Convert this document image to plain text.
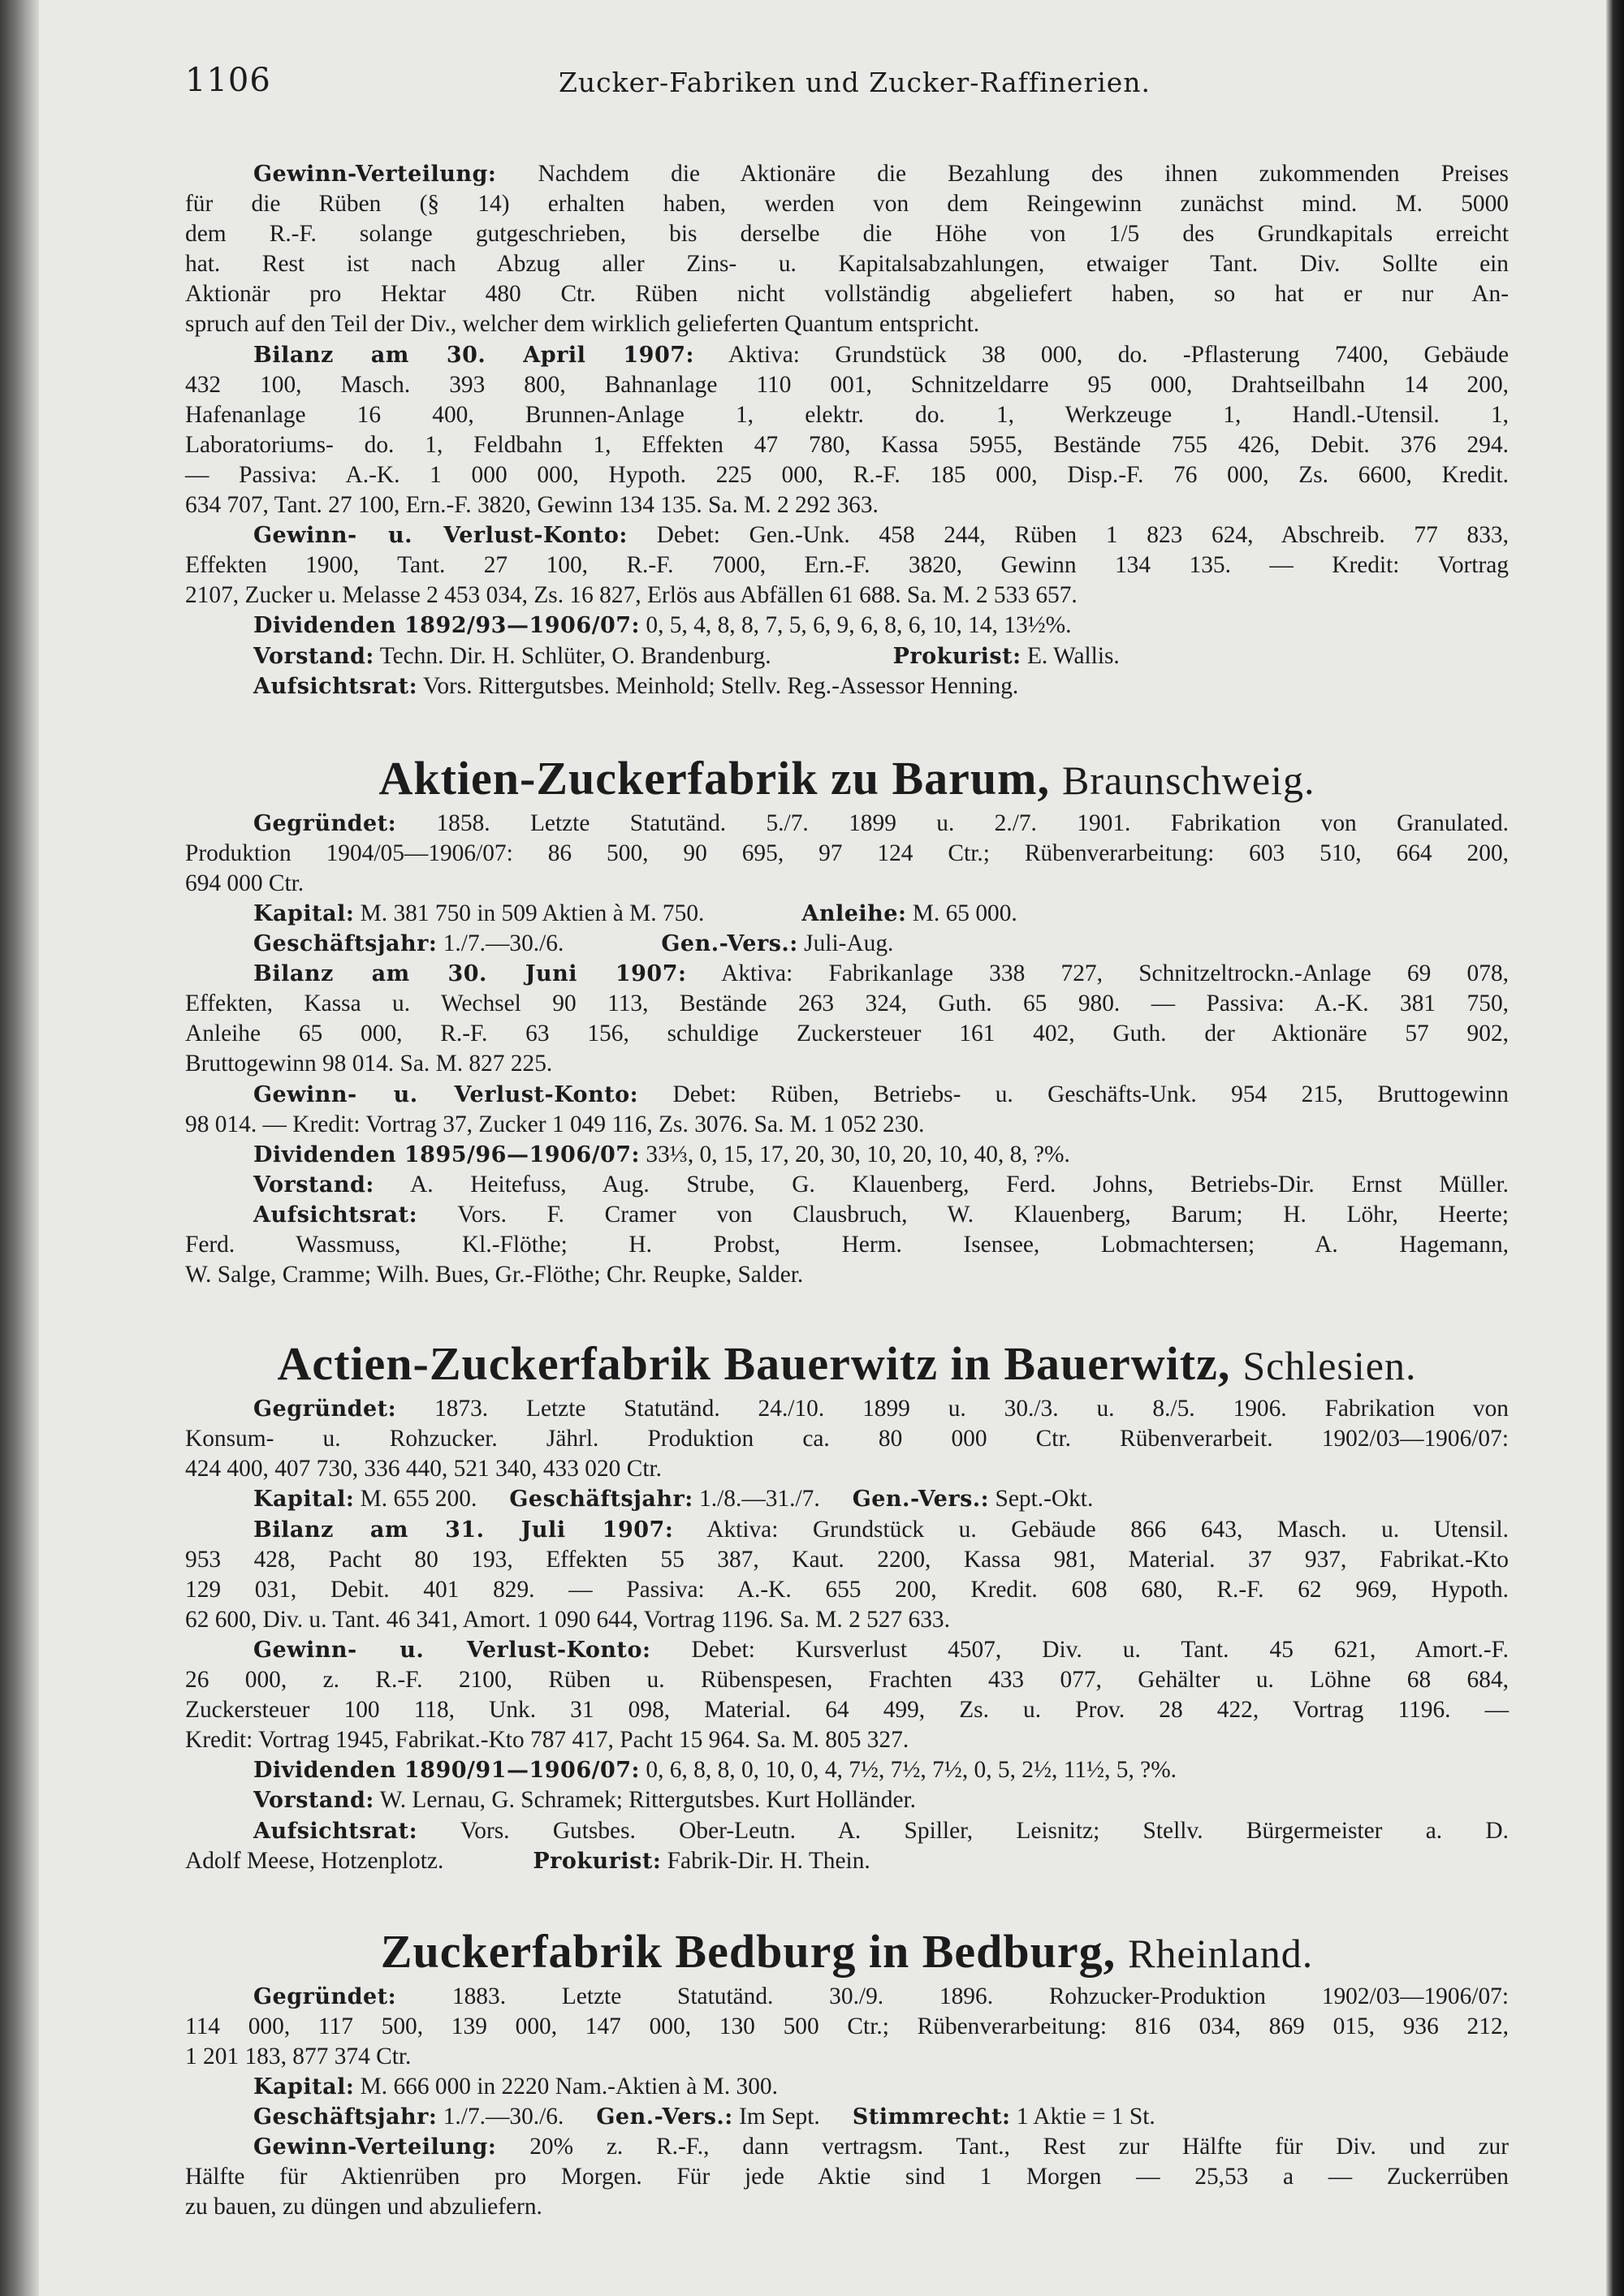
1106	Zucker-Fabriken und Zucker-Raffinerien.

Gewinn-Verteilung: Nachdem die Aktionäre die Bezahlung des ihnen zukommenden Preises

für die Rüben (§ 14) erhalten haben, werden von dem Reingewinn zunächst mind. M. 5000

dem R.-F. solange gutgeschrieben, bis derselbe die Höhe von 1/5 des Grundkapitals erreicht

hat. Rest ist nach Abzug aller Zins- u. Kapitalsabzahlungen, etwaiger Tant. Div. Sollte ein

Aktionär pro Hektar 480 Ctr. Rüben nicht vollständig abgeliefert haben, so hat er nur An-

spruch auf den Teil der Div., welcher dem wirklich gelieferten Quantum entspricht.

Bilanz am 30. April 1907: Aktiva: Grundstück 38 000, do. -Pflasterung 7400, Gebäude

432 100, Masch. 393 800, Bahnanlage 110 001, Schnitzeldarre 95 000, Drahtseilbahn 14 200,

Hafenanlage 16 400, Brunnen-Anlage 1, elektr. do. 1, Werkzeuge 1, Handl.-Utensil. 1,

Laboratoriums- do. 1, Feldbahn 1, Effekten 47 780, Kassa 5955, Bestände 755 426, Debit. 376 294.

— Passiva: A.-K. 1 000 000, Hypoth. 225 000, R.-F. 185 000, Disp.-F. 76 000, Zs. 6600, Kredit.

634 707, Tant. 27 100, Ern.-F. 3820, Gewinn 134 135. Sa. M. 2 292 363.

Gewinn- u. Verlust-Konto: Debet: Gen.-Unk. 458 244, Rüben 1 823 624, Abschreib. 77 833,

Effekten 1900, Tant. 27 100, R.-F. 7000, Ern.-F. 3820, Gewinn 134 135. — Kredit: Vortrag

2107, Zucker u. Melasse 2 453 034, Zs. 16 827, Erlös aus Abfällen 61 688. Sa. M. 2 533 657.

Dividenden 1892/93—1906/07: 0, 5, 4, 8, 8, 7, 5, 6, 9, 6, 8, 6, 10, 14, 13½%.

Vorstand: Techn. Dir. H. Schlüter, O. Brandenburg.	Prokurist: E. Wallis.

Aufsichtsrat: Vors. Rittergutsbes. Meinhold; Stellv. Reg.-Assessor Henning.

Aktien-Zuckerfabrik zu Barum, Braunschweig.

Gegründet: 1858. Letzte Statutänd. 5./7. 1899 u. 2./7. 1901. Fabrikation von Granulated.

Produktion 1904/05—1906/07: 86 500, 90 695, 97 124 Ctr.; Rübenverarbeitung: 603 510, 664 200,

694 000 Ctr.

Kapital: M. 381 750 in 509 Aktien à M. 750.	Anleihe: M. 65 000.

Geschäftsjahr: 1./7.—30./6.	Gen.-Vers.: Juli-Aug.

Bilanz am 30. Juni 1907: Aktiva: Fabrikanlage 338 727, Schnitzeltrockn.-Anlage 69 078,

Effekten, Kassa u. Wechsel 90 113, Bestände 263 324, Guth. 65 980. — Passiva: A.-K. 381 750,

Anleihe 65 000, R.-F. 63 156, schuldige Zuckersteuer 161 402, Guth. der Aktionäre 57 902,

Bruttogewinn 98 014. Sa. M. 827 225.

Gewinn- u. Verlust-Konto: Debet: Rüben, Betriebs- u. Geschäfts-Unk. 954 215, Bruttogewinn

98 014. — Kredit: Vortrag 37, Zucker 1 049 116, Zs. 3076. Sa. M. 1 052 230.

Dividenden 1895/96—1906/07: 33⅓, 0, 15, 17, 20, 30, 10, 20, 10, 40, 8, ?%.

Vorstand: A. Heitefuss, Aug. Strube, G. Klauenberg, Ferd. Johns, Betriebs-Dir. Ernst Müller.

Aufsichtsrat: Vors. F. Cramer von Clausbruch, W. Klauenberg, Barum; H. Löhr, Heerte;

Ferd. Wassmuss, Kl.-Flöthe; H. Probst, Herm. Isensee, Lobmachtersen; A. Hagemann,

W. Salge, Cramme; Wilh. Bues, Gr.-Flöthe; Chr. Reupke, Salder.

Actien-Zuckerfabrik Bauerwitz in Bauerwitz, Schlesien.

Gegründet: 1873. Letzte Statutänd. 24./10. 1899 u. 30./3. u. 8./5. 1906. Fabrikation von

Konsum- u. Rohzucker. Jährl. Produktion ca. 80 000 Ctr. Rübenverarbeit. 1902/03—1906/07:

424 400, 407 730, 336 440, 521 340, 433 020 Ctr.

Kapital: M. 655 200. Geschäftsjahr: 1./8.—31./7. Gen.-Vers.: Sept.-Okt.

Bilanz am 31. Juli 1907: Aktiva: Grundstück u. Gebäude 866 643, Masch. u. Utensil.

953 428, Pacht 80 193, Effekten 55 387, Kaut. 2200, Kassa 981, Material. 37 937, Fabrikat.-Kto

129 031, Debit. 401 829. — Passiva: A.-K. 655 200, Kredit. 608 680, R.-F. 62 969, Hypoth.

62 600, Div. u. Tant. 46 341, Amort. 1 090 644, Vortrag 1196. Sa. M. 2 527 633.

Gewinn- u. Verlust-Konto: Debet: Kursverlust 4507, Div. u. Tant. 45 621, Amort.-F.

26 000, z. R.-F. 2100, Rüben u. Rübenspesen, Frachten 433 077, Gehälter u. Löhne 68 684,

Zuckersteuer 100 118, Unk. 31 098, Material. 64 499, Zs. u. Prov. 28 422, Vortrag 1196. —

Kredit: Vortrag 1945, Fabrikat.-Kto 787 417, Pacht 15 964. Sa. M. 805 327.

Dividenden 1890/91—1906/07: 0, 6, 8, 8, 0, 10, 0, 4, 7½, 7½, 7½, 0, 5, 2½, 11½, 5, ?%.

Vorstand: W. Lernau, G. Schramek; Rittergutsbes. Kurt Holländer.

Aufsichtsrat: Vors. Gutsbes. Ober-Leutn. A. Spiller, Leisnitz; Stellv. Bürgermeister a. D.

Adolf Meese, Hotzenplotz.	Prokurist: Fabrik-Dir. H. Thein.

Zuckerfabrik Bedburg in Bedburg, Rheinland.

Gegründet: 1883. Letzte Statutänd. 30./9. 1896. Rohzucker-Produktion 1902/03—1906/07:

114 000, 117 500, 139 000, 147 000, 130 500 Ctr.; Rübenverarbeitung: 816 034, 869 015, 936 212,

1 201 183, 877 374 Ctr.

Kapital: M. 666 000 in 2220 Nam.-Aktien à M. 300.

Geschäftsjahr: 1./7.—30./6. Gen.-Vers.: Im Sept. Stimmrecht: 1 Aktie = 1 St.

Gewinn-Verteilung: 20% z. R.-F., dann vertragsm. Tant., Rest zur Hälfte für Div. und zur

Hälfte für Aktienrüben pro Morgen. Für jede Aktie sind 1 Morgen — 25,53 a — Zuckerrüben

zu bauen, zu düngen und abzuliefern.
